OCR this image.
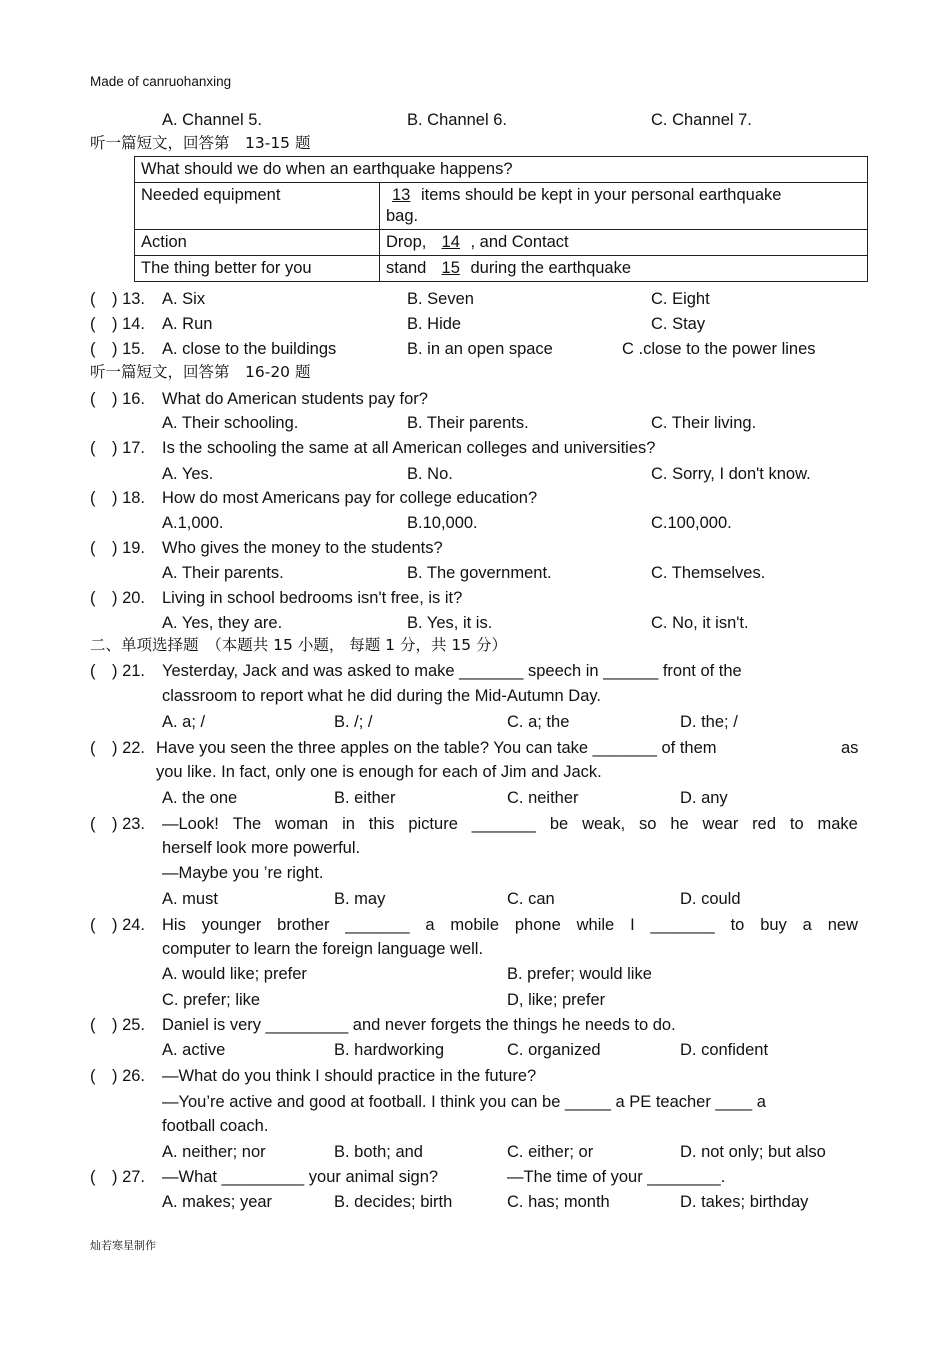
Made of canruohanxing
A. Channel 5.	B. Channel 6.	C. Channel 7.
听一篇短文，回答第　13-15 题
What should we do when an earthquake happens?	
Needed equipment	13 items should be kept in your personal earthquake
bag.
Action	Drop, 14 , and Contact
The thing better for you	stand 15 during the earthquake
(　) 13. A. Six	B. Seven	C. Eight
(　) 14. A. Run	B. Hide	C. Stay
(　) 15. A. close to the buildings	B. in an open space	C .close to the power lines
听一篇短文，回答第　16-20 题
(　) 16. What do American students pay for?
A. Their schooling.	B. Their parents.	C. Their living.
(　) 17. Is the schooling the same at all American colleges and universities?
A. Yes.	B. No.	C. Sorry, I don't know.
(　) 18. How do most Americans pay for college education?
A.1,000.	B.10,000.	C.100,000.
(　) 19. Who gives the money to the students?
A. Their parents.	B. The government.	C. Themselves.
(　) 20. Living in school bedrooms isn't free, is it?
A. Yes, they are.	B. Yes, it is.	C. No, it isn't.
二、单项选择题　（本题共 15 小题， 每题 1 分，共 15 分）
(　) 21. Yesterday, Jack and was asked to make _______ speech in ______ front of the
classroom to report what he did during the Mid-Autumn Day.
A. a; /	B. /; /	C. a; the	D. the; /
(　) 22. Have you seen the three apples on the table? You can take _______ of them	as
you like. In fact, only one is enough for each of Jim and Jack.
A. the one	B. either	C. neither	D. any
(　) 23. —Look! The woman in this picture _______ be weak, so he wear red to make
herself look more powerful.
—Maybe you ’re right.
A. must	B. may	C. can	D. could
(　) 24. His younger brother _______ a mobile phone while I _______ to buy a new
computer to learn the foreign language well.
A. would like; prefer	B. prefer; would like
C. prefer; like	D, like; prefer
(　) 25. Daniel is very _________ and never forgets the things he needs to do.
A. active	B. hardworking	C. organized	D. confident
(　) 26. —What do you think I should practice in the future?
—You’re active and good at football. I think you can be _____ a PE teacher ____ a
football coach.
A. neither; nor	B. both; and	C. either; or	D. not only; but also
(　) 27. —What _________ your animal sign?	—The time of your ________.
A. makes; year	B. decides; birth	C. has; month	D. takes; birthday
灿若寒星制作
